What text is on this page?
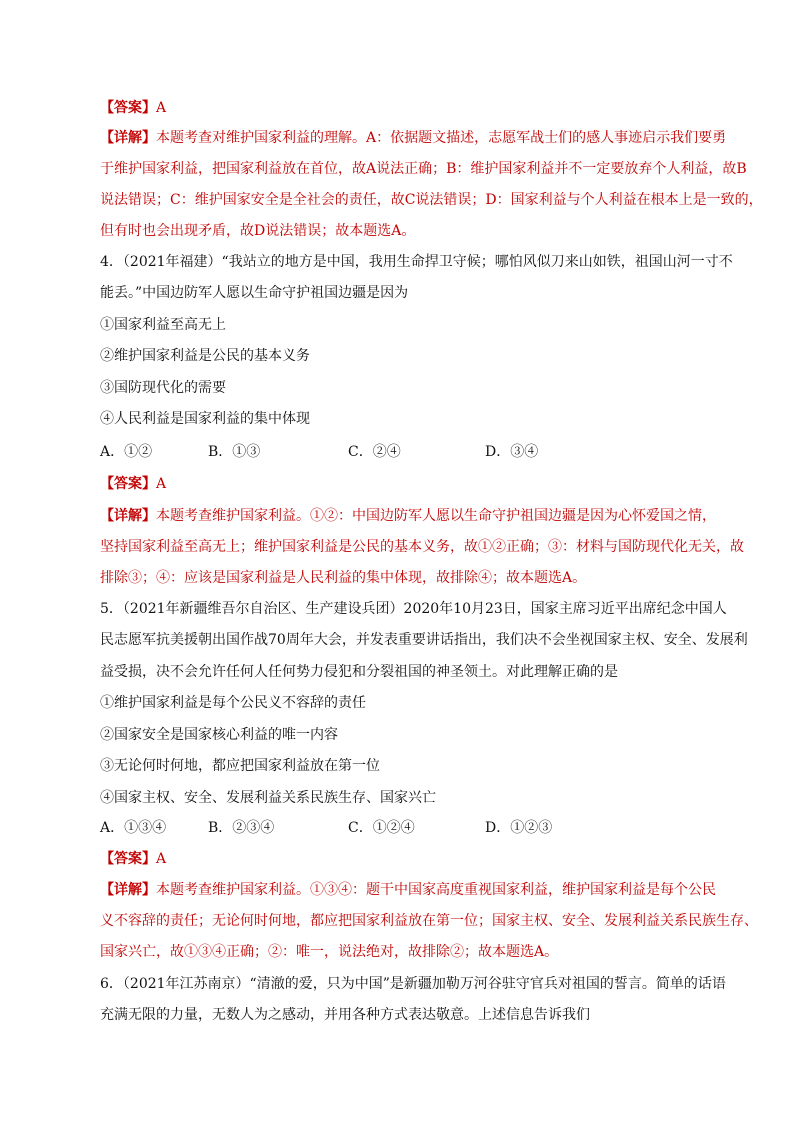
【答案】A
【详解】本题考查对维护国家利益的理解。A：依据题文描述，志愿军战士们的感人事迹启示我们要勇
于维护国家利益，把国家利益放在首位，故A说法正确；B：维护国家利益并不一定要放弃个人利益，故B
说法错误；C：维护国家安全是全社会的责任，故C说法错误；D：国家利益与个人利益在根本上是一致的，
但有时也会出现矛盾，故D说法错误；故本题选A。
4．（2021年福建）“我站立的地方是中国，我用生命捍卫守候；哪怕风似刀来山如铁，祖国山河一寸不
能丢。”中国边防军人愿以生命守护祖国边疆是因为
①国家利益至高无上
②维护国家利益是公民的基本义务
③国防现代化的需要
④人民利益是国家利益的集中体现
A．①②	B．①③	C．②④	D．③④
【答案】A
【详解】本题考查维护国家利益。①②：中国边防军人愿以生命守护祖国边疆是因为心怀爱国之情，
坚持国家利益至高无上；维护国家利益是公民的基本义务，故①②正确；③：材料与国防现代化无关，故
排除③；④：应该是国家利益是人民利益的集中体现，故排除④；故本题选A。
5．（2021年新疆维吾尔自治区、生产建设兵团）2020年10月23日，国家主席习近平出席纪念中国人
民志愿军抗美援朝出国作战70周年大会，并发表重要讲话指出，我们决不会坐视国家主权、安全、发展利
益受损，决不会允许任何人任何势力侵犯和分裂祖国的神圣领土。对此理解正确的是
①维护国家利益是每个公民义不容辞的责任
②国家安全是国家核心利益的唯一内容
③无论何时何地，都应把国家利益放在第一位
④国家主权、安全、发展利益关系民族生存、国家兴亡
A．①③④	B．②③④	C．①②④	D．①②③
【答案】A
【详解】本题考查维护国家利益。①③④：题干中国家高度重视国家利益，维护国家利益是每个公民
义不容辞的责任；无论何时何地，都应把国家利益放在第一位；国家主权、安全、发展利益关系民族生存、
国家兴亡，故①③④正确；②：唯一，说法绝对，故排除②；故本题选A。
6．（2021年江苏南京）“清澈的爱，只为中国”是新疆加勒万河谷驻守官兵对祖国的誓言。简单的话语
充满无限的力量，无数人为之感动，并用各种方式表达敬意。上述信息告诉我们
